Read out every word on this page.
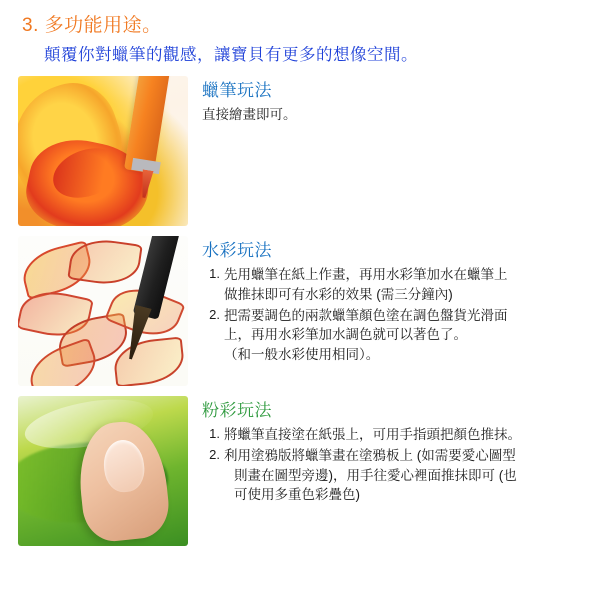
3. 多功能用途。
顛覆你對蠟筆的觀感，讓寶貝有更多的想像空間。
蠟筆玩法
直接繪畫即可。
水彩玩法
1. 先用蠟筆在紙上作畫，再用水彩筆加水在蠟筆上
做推抹即可有水彩的效果 (需三分鐘內)
2. 把需要調色的兩款蠟筆顏色塗在調色盤貨光滑面
上，再用水彩筆加水調色就可以著色了。
（和一般水彩使用相同）。
粉彩玩法
1. 將蠟筆直接塗在紙張上，可用手指頭把顏色推抹。
2. 利用塗鴉版將蠟筆畫在塗鴉板上 (如需要愛心圖型
則畫在圖型旁邊)，用手往愛心裡面推抹即可 (也
可使用多重色彩疊色)
